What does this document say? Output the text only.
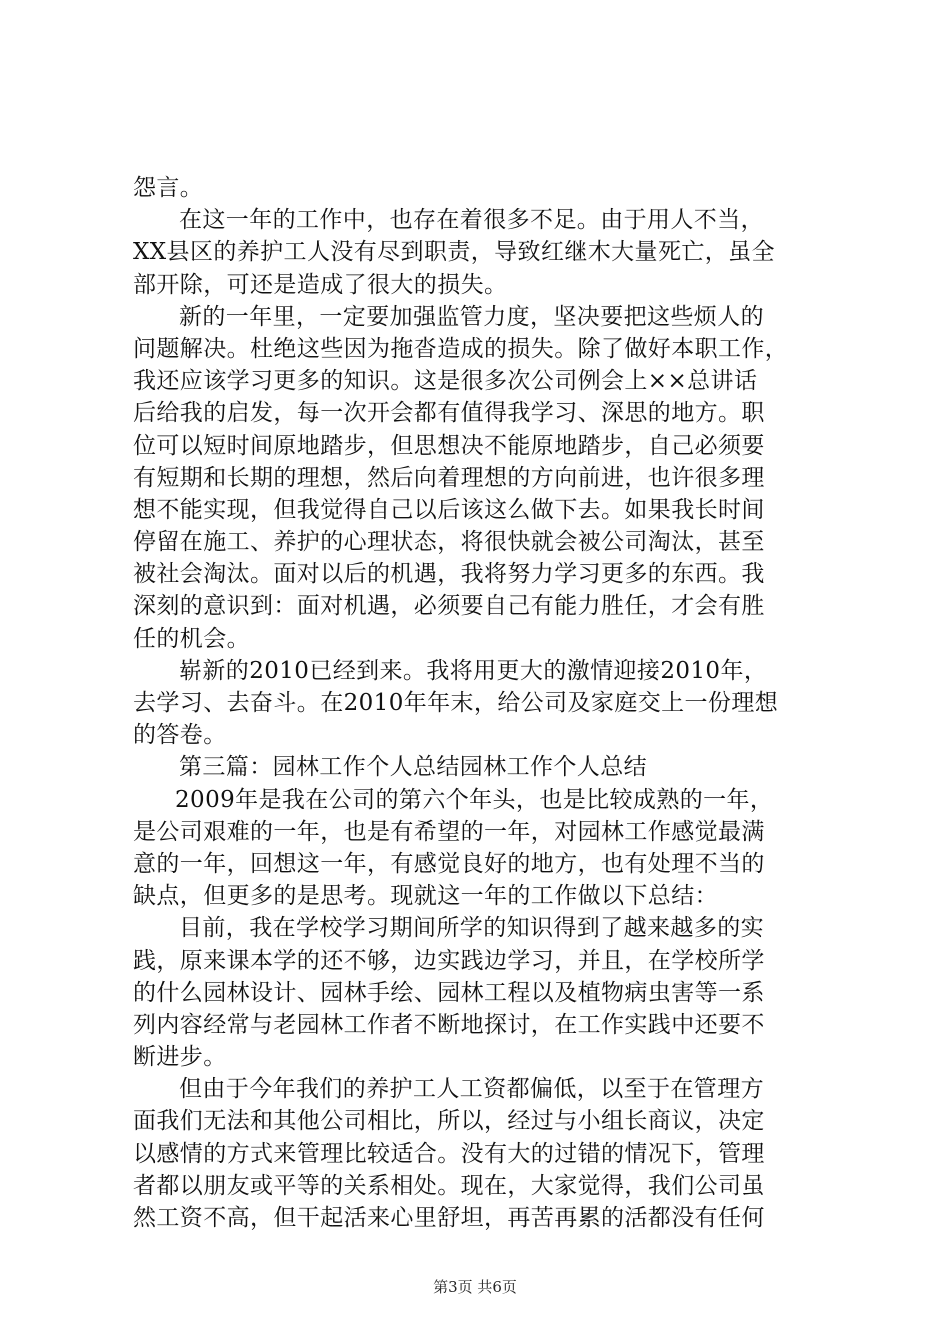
怨言。
在这一年的工作中，也存在着很多不足。由于用人不当，
XX县区的养护工人没有尽到职责，导致红继木大量死亡，虽全
部开除，可还是造成了很大的损失。
新的一年里，一定要加强监管力度，坚决要把这些烦人的
问题解决。杜绝这些因为拖沓造成的损失。除了做好本职工作，
我还应该学习更多的知识。这是很多次公司例会上××总讲话
后给我的启发，每一次开会都有值得我学习、深思的地方。职
位可以短时间原地踏步，但思想决不能原地踏步，自己必须要
有短期和长期的理想，然后向着理想的方向前进，也许很多理
想不能实现，但我觉得自己以后该这么做下去。如果我长时间
停留在施工、养护的心理状态，将很快就会被公司淘汰，甚至
被社会淘汰。面对以后的机遇，我将努力学习更多的东西。我
深刻的意识到：面对机遇，必须要自己有能力胜任，才会有胜
任的机会。
崭新的2010已经到来。我将用更大的激情迎接2010年，
去学习、去奋斗。在2010年年末，给公司及家庭交上一份理想
的答卷。
第三篇：园林工作个人总结园林工作个人总结
2009年是我在公司的第六个年头，也是比较成熟的一年，
是公司艰难的一年，也是有希望的一年，对园林工作感觉最满
意的一年，回想这一年，有感觉良好的地方，也有处理不当的
缺点，但更多的是思考。现就这一年的工作做以下总结：
目前，我在学校学习期间所学的知识得到了越来越多的实
践，原来课本学的还不够，边实践边学习，并且，在学校所学
的什么园林设计、园林手绘、园林工程以及植物病虫害等一系
列内容经常与老园林工作者不断地探讨，在工作实践中还要不
断进步。
但由于今年我们的养护工人工资都偏低，以至于在管理方
面我们无法和其他公司相比，所以，经过与小组长商议，决定
以感情的方式来管理比较适合。没有大的过错的情况下，管理
者都以朋友或平等的关系相处。现在，大家觉得，我们公司虽
然工资不高，但干起活来心里舒坦，再苦再累的活都没有任何
第3页 共6页
